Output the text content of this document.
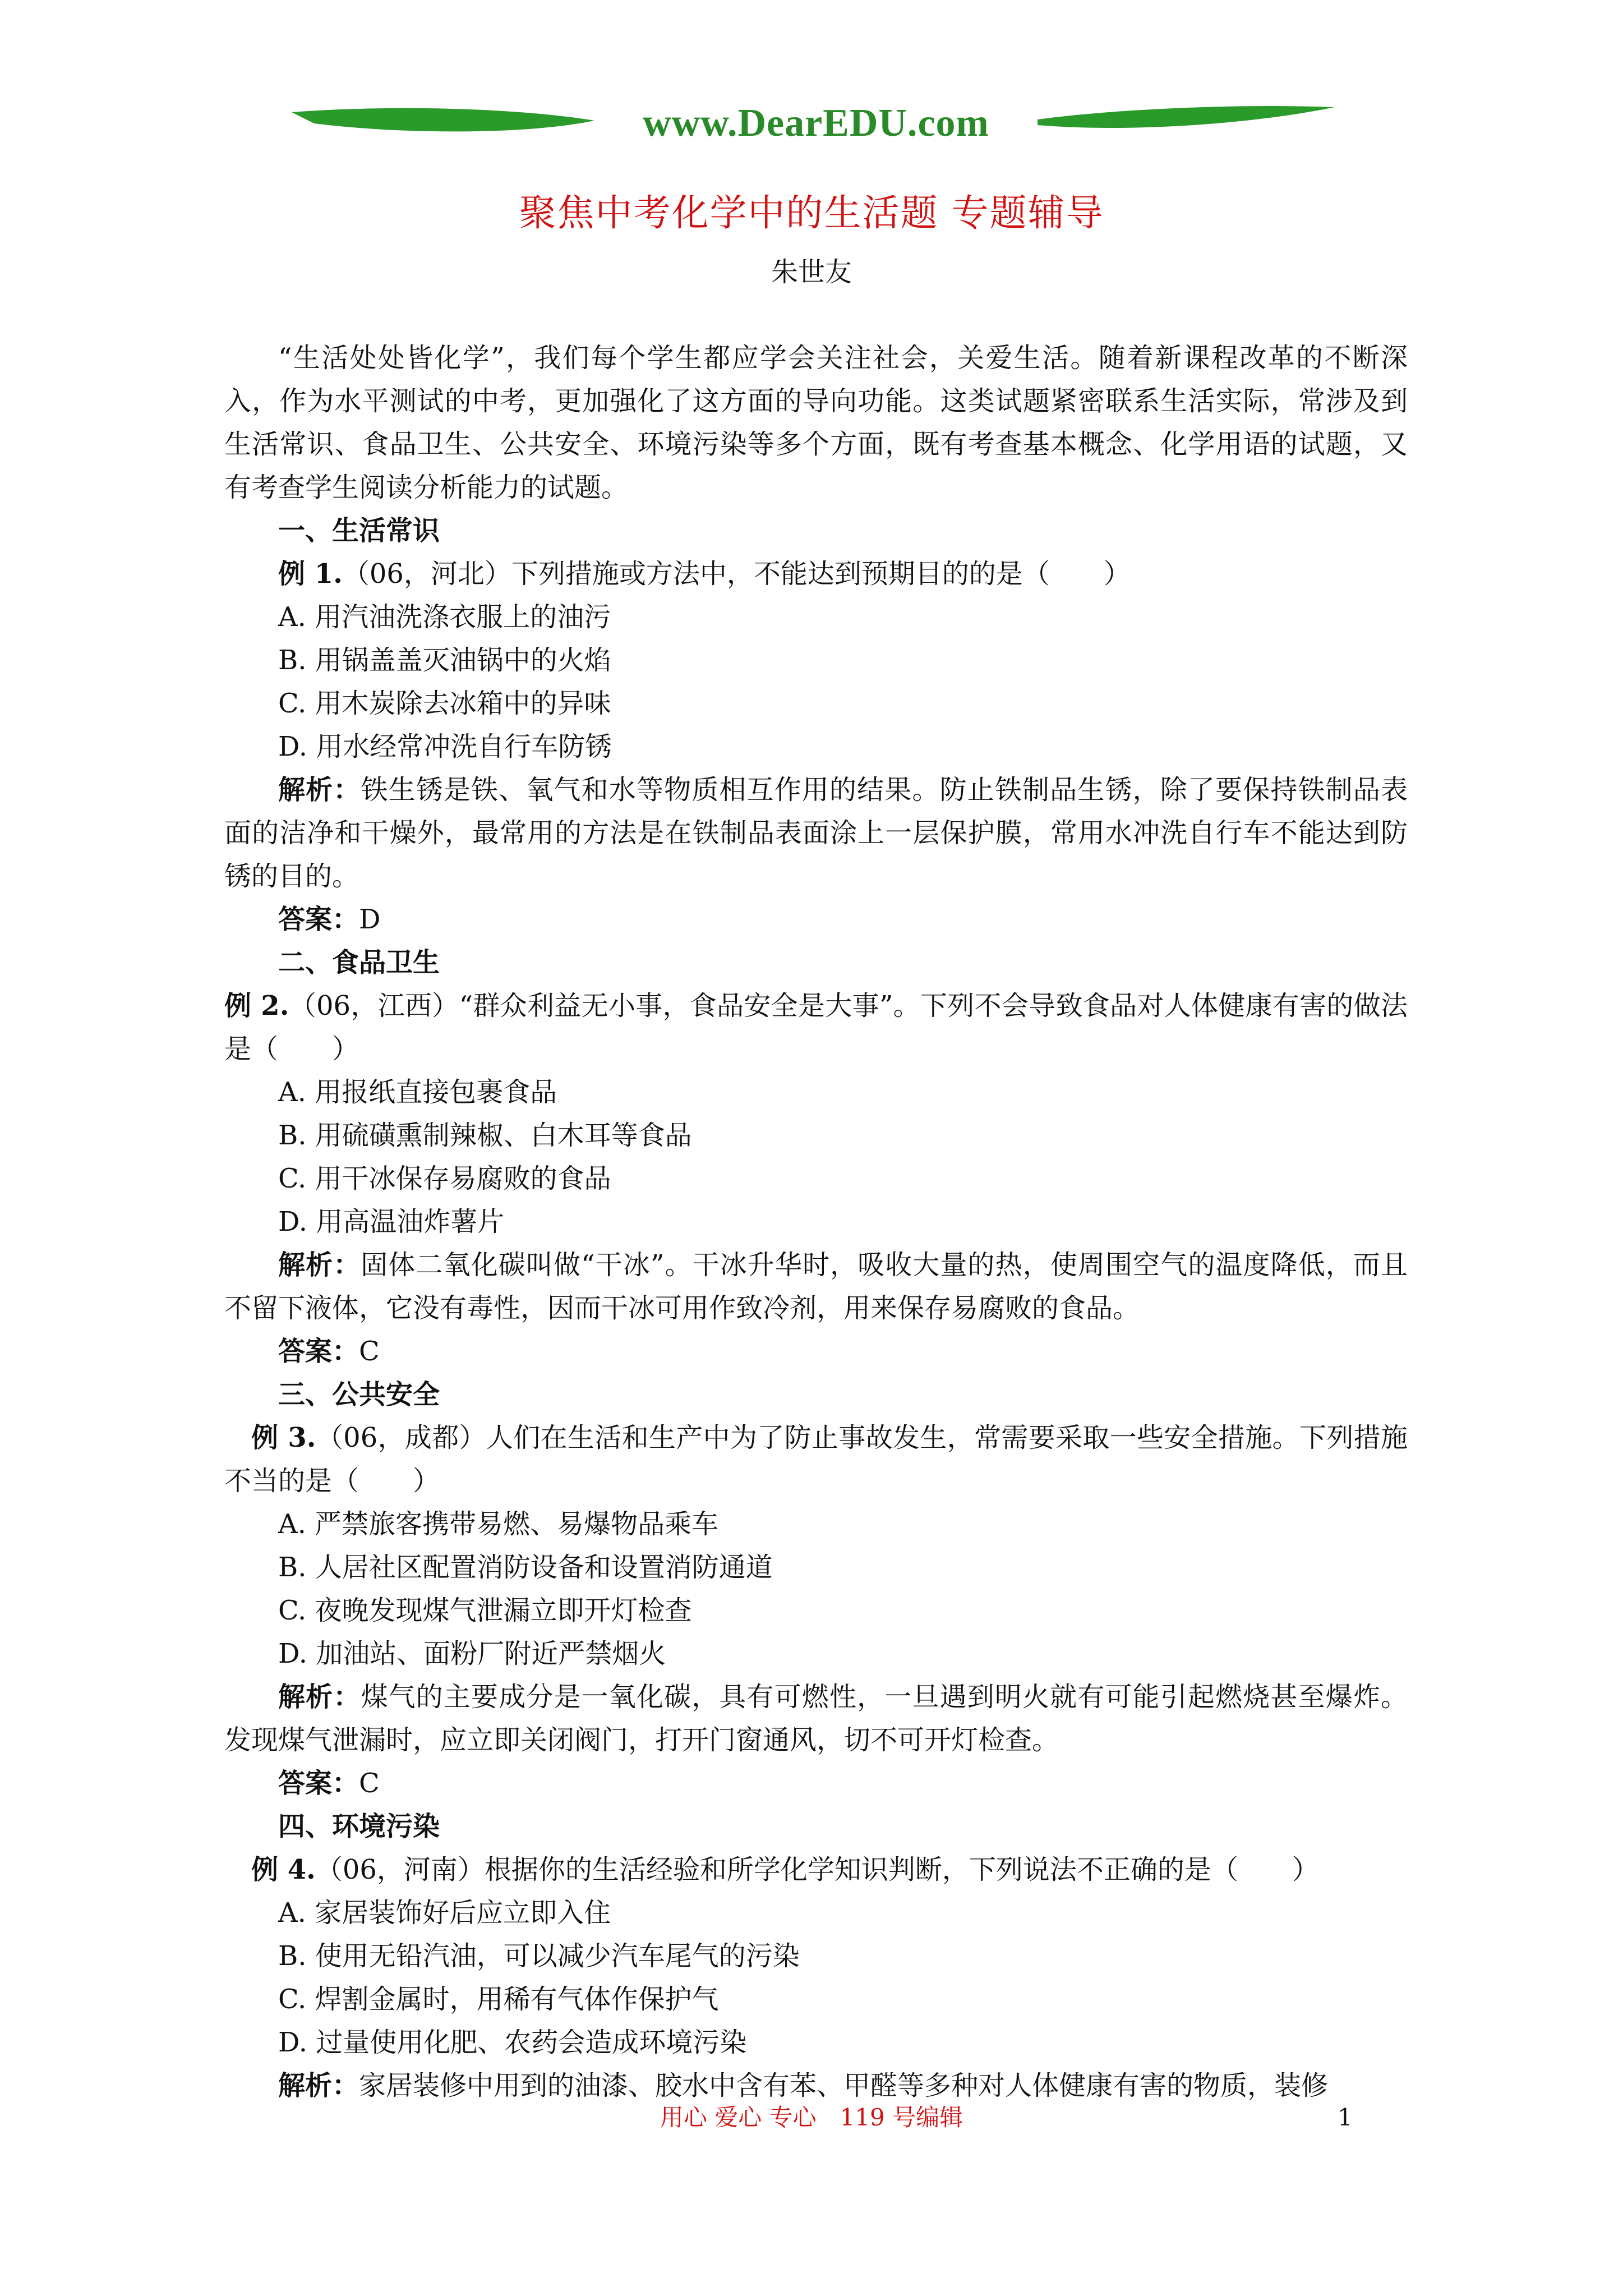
www.DearEDU.com
聚焦中考化学中的生活题 专题辅导
朱世友

“生活处处皆化学”，我们每个学生都应学会关注社会，关爱生活。随着新课程改革的不断深入，作为水平测试的中考，更加强化了这方面的导向功能。这类试题紧密联系生活实际，常涉及到生活常识、食品卫生、公共安全、环境污染等多个方面，既有考查基本概念、化学用语的试题，又有考查学生阅读分析能力的试题。

一、生活常识

例 1.（06，河北）下列措施或方法中，不能达到预期目的的是（　　）

A. 用汽油洗涤衣服上的油污

B. 用锅盖盖灭油锅中的火焰

C. 用木炭除去冰箱中的异味

D. 用水经常冲洗自行车防锈

解析：铁生锈是铁、氧气和水等物质相互作用的结果。防止铁制品生锈，除了要保持铁制品表面的洁净和干燥外，最常用的方法是在铁制品表面涂上一层保护膜，常用水冲洗自行车不能达到防锈的目的。

答案：D

二、食品卫生

例 2.（06，江西）“群众利益无小事，食品安全是大事”。下列不会导致食品对人体健康有害的做法是（　　）

A. 用报纸直接包裹食品

B. 用硫磺熏制辣椒、白木耳等食品

C. 用干冰保存易腐败的食品

D. 用高温油炸薯片

解析：固体二氧化碳叫做“干冰”。干冰升华时，吸收大量的热，使周围空气的温度降低，而且不留下液体，它没有毒性，因而干冰可用作致冷剂，用来保存易腐败的食品。

答案：C

三、公共安全

例 3.（06，成都）人们在生活和生产中为了防止事故发生，常需要采取一些安全措施。下列措施不当的是（　　）

A. 严禁旅客携带易燃、易爆物品乘车

B. 人居社区配置消防设备和设置消防通道

C. 夜晚发现煤气泄漏立即开灯检查

D. 加油站、面粉厂附近严禁烟火

解析：煤气的主要成分是一氧化碳，具有可燃性，一旦遇到明火就有可能引起燃烧甚至爆炸。发现煤气泄漏时，应立即关闭阀门，打开门窗通风，切不可开灯检查。

答案：C

四、环境污染

例 4.（06，河南）根据你的生活经验和所学化学知识判断，下列说法不正确的是（　　）

A. 家居装饰好后应立即入住

B. 使用无铅汽油，可以减少汽车尾气的污染

C. 焊割金属时，用稀有气体作保护气

D. 过量使用化肥、农药会造成环境污染

解析：家居装修中用到的油漆、胶水中含有苯、甲醛等多种对人体健康有害的物质，装修

用心 爱心 专心　119 号编辑	1
